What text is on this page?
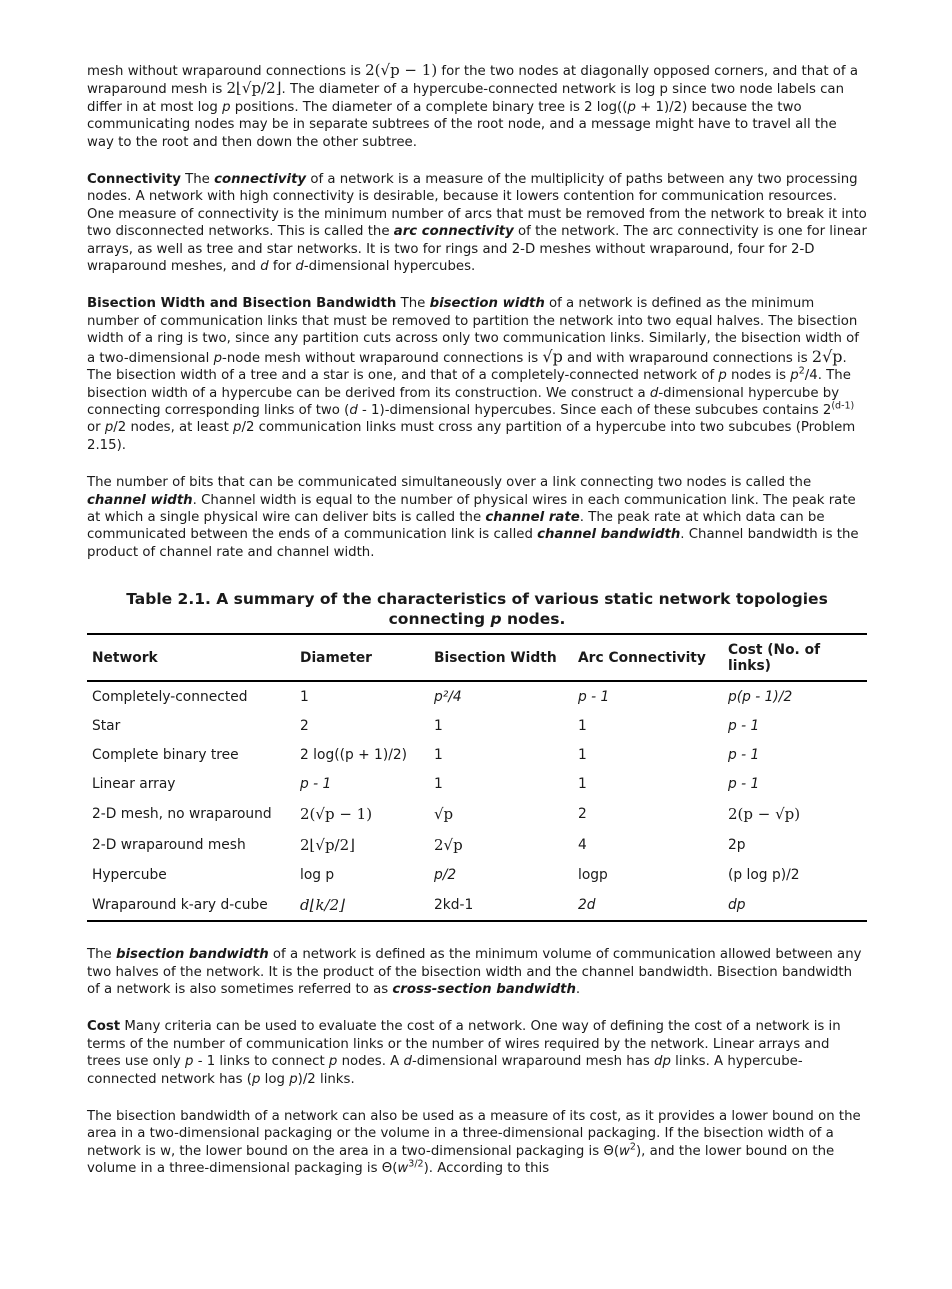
mesh without wraparound connections is 2(√p − 1) for the two nodes at diagonally opposed corners, and that of a wraparound mesh is 2⌊√p/2⌋. The diameter of a hypercube-connected network is log p since two node labels can differ in at most log p positions. The diameter of a complete binary tree is 2 log((p + 1)/2) because the two communicating nodes may be in separate subtrees of the root node, and a message might have to travel all the way to the root and then down the other subtree.

Connectivity The connectivity of a network is a measure of the multiplicity of paths between any two processing nodes. A network with high connectivity is desirable, because it lowers contention for communication resources. One measure of connectivity is the minimum number of arcs that must be removed from the network to break it into two disconnected networks. This is called the arc connectivity of the network. The arc connectivity is one for linear arrays, as well as tree and star networks. It is two for rings and 2-D meshes without wraparound, four for 2-D wraparound meshes, and d for d-dimensional hypercubes.

Bisection Width and Bisection Bandwidth The bisection width of a network is defined as the minimum number of communication links that must be removed to partition the network into two equal halves. The bisection width of a ring is two, since any partition cuts across only two communication links. Similarly, the bisection width of a two-dimensional p-node mesh without wraparound connections is √p and with wraparound connections is 2√p. The bisection width of a tree and a star is one, and that of a completely-connected network of p nodes is $p^2/4$. The bisection width of a hypercube can be derived from its construction. We construct a d-dimensional hypercube by connecting corresponding links of two (d - 1)-dimensional hypercubes. Since each of these subcubes contains 2$^{(d-1)}$ or p/2 nodes, at least p/2 communication links must cross any partition of a hypercube into two subcubes (Problem 2.15).

The number of bits that can be communicated simultaneously over a link connecting two nodes is called the channel width. Channel width is equal to the number of physical wires in each communication link. The peak rate at which a single physical wire can deliver bits is called the channel rate. The peak rate at which data can be communicated between the ends of a communication link is called channel bandwidth. Channel bandwidth is the product of channel rate and channel width.

Table 2.1. A summary of the characteristics of various static network topologies connecting p nodes.
Network	Diameter	Bisection Width	Arc Connectivity	Cost (No. of links)
Completely-connected	1	p²/4	p - 1	p(p - 1)/2
Star	2	1	1	p - 1
Complete binary tree	2 log((p + 1)/2)	1	1	p - 1
Linear array	p - 1	1	1	p - 1
2-D mesh, no wraparound	2(√p − 1)	√p	2	2(p − √p)
2-D wraparound mesh	2⌊√p/2⌋	2√p	4	2p
Hypercube	log p	p/2	logp	(p log p)/2
Wraparound k-ary d-cube	d⌊k/2⌋	2kd-1	2d	dp

The bisection bandwidth of a network is defined as the minimum volume of communication allowed between any two halves of the network. It is the product of the bisection width and the channel bandwidth. Bisection bandwidth of a network is also sometimes referred to as cross-section bandwidth.

Cost Many criteria can be used to evaluate the cost of a network. One way of defining the cost of a network is in terms of the number of communication links or the number of wires required by the network. Linear arrays and trees use only p - 1 links to connect p nodes. A d-dimensional wraparound mesh has dp links. A hypercube-connected network has (p log p)/2 links.

The bisection bandwidth of a network can also be used as a measure of its cost, as it provides a lower bound on the area in a two-dimensional packaging or the volume in a three-dimensional packaging. If the bisection width of a network is w, the lower bound on the area in a two-dimensional packaging is $\Theta(w^2)$, and the lower bound on the volume in a three-dimensional packaging is $\Theta(w^{3/2})$. According to this
